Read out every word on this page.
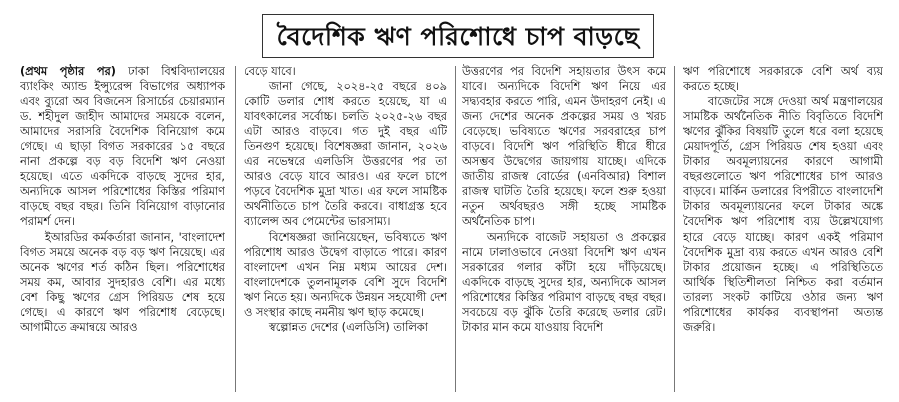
বৈদেশিক ঋণ পরিশোধে চাপ বাড়ছে

(প্রথম পৃষ্ঠার পর) ঢাকা বিশ্ববিদ্যালয়ের ব্যাংকিং অ্যান্ড ইন্স্যুরেন্স বিভাগের অধ্যাপক এবং ব্যুরো অব বিজনেস রিসার্চের চেয়ারম্যান ড. শহীদুল জাহীদ আমাদের সময়কে বলেন, আমাদের সরাসরি বৈদেশিক বিনিয়োগ কমে গেছে। এ ছাড়া বিগত সরকারের ১৫ বছরে নানা প্রকল্পে বড় বড় বিদেশি ঋণ নেওয়া হয়েছে। এতে একদিকে বাড়ছে সুদের হার, অন্যদিকে আসল পরিশোধের কিস্তির পরিমাণ বাড়ছে বছর বছর। তিনি বিনিয়োগ বাড়ানোর পরামর্শ দেন।

ইআরডির কর্মকর্তারা জানান, 'বাংলাদেশ বিগত সময়ে অনেক বড় বড় ঋণ নিয়েছে। এর অনেক ঋণের শর্ত কঠিন ছিল। পরিশোধের সময় কম, আবার সুদহারও বেশি। এর মধ্যে বেশ কিছু ঋণের গ্রেস পিরিয়ড শেষ হয়ে গেছে। এ কারণে ঋণ পরিশোধ বেড়েছে। আগামীতে ক্রমান্বয়ে আরও

বেড়ে যাবে।

জানা গেছে, ২০২৪-২৫ বছরে ৪০৯ কোটি ডলার শোধ করতে হয়েছে, যা এ যাবৎকালের সর্বোচ্চ। চলতি ২০২৫-২৬ বছর এটা আরও বাড়বে। গত দুই বছর এটি তিনগুণ হয়েছে। বিশেষজ্ঞরা জানান, ২০২৬ এর নভেম্বরে এলডিসি উত্তরণের পর তা আরও বেড়ে যাবে আরও। এর ফলে চাপে পড়বে বৈদেশিক মুদ্রা খাত। এর ফলে সামষ্টিক অর্থনীতিতে চাপ তৈরি করবে। বাধাগ্রস্ত হবে ব্যালেন্স অব পেমেন্টের ভারসাম্য।

বিশেষজ্ঞরা জানিয়েছেন, ভবিষ্যতে ঋণ পরিশোধ আরও উদ্বেগ বাড়াতে পারে। কারণ বাংলাদেশ এখন নিম্ন মধ্যম আয়ের দেশ। বাংলাদেশকে তুলনামূলক বেশি সুদে বিদেশি ঋণ নিতে হয়। অন্যদিকে উন্নয়ন সহযোগী দেশ ও সংস্থার কাছে নমনীয় ঋণ ছাড় কমেছে।

স্বল্পোন্নত দেশের (এলডিসি) তালিকা

উত্তরণের পর বিদেশি সহায়তার উৎস কমে যাবে। অন্যদিকে বিদেশি ঋণ নিয়ে এর সদ্ব্যবহার করতে পারি, এমন উদাহরণ নেই। এ জন্য দেশের অনেক প্রকল্পের সময় ও খরচ বেড়েছে। ভবিষ্যতে ঋণের সরবরাহের চাপ বাড়বে। বিদেশি ঋণ পরিস্থিতি ধীরে ধীরে অসম্ভব উদ্বেগের জায়গায় যাচ্ছে। এদিকে জাতীয় রাজস্ব বোর্ডের (এনবিআর) বিশাল রাজস্ব ঘাটতি তৈরি হয়েছে। ফলে শুরু হওয়া নতুন অর্থবছরও সঙ্গী হচ্ছে সামষ্টিক অর্থনৈতিক চাপ।

অন্যদিকে বাজেট সহায়তা ও প্রকল্পের নামে ঢালাওভাবে নেওয়া বিদেশি ঋণ এখন সরকারের গলার কাঁটা হয়ে দাঁড়িয়েছে। একদিকে বাড়ছে সুদের হার, অন্যদিকে আসল পরিশোধের কিস্তির পরিমাণ বাড়ছে বছর বছর। সবচেয়ে বড় ঝুঁকি তৈরি করেছে ডলার রেট। টাকার মান কমে যাওয়ায় বিদেশি

ঋণ পরিশোধে সরকারকে বেশি অর্থ ব্যয় করতে হচ্ছে।

বাজেটের সঙ্গে দেওয়া অর্থ মন্ত্রণালয়ের সামষ্টিক অর্থনৈতিক নীতি বিবৃতিতে বিদেশি ঋণের ঝুঁকির বিষয়টি তুলে ধরে বলা হয়েছে মেয়াদপূর্তি, গ্রেস পিরিয়ড শেষ হওয়া এবং টাকার অবমূল্যায়নের কারণে আগামী বছরগুলোতে ঋণ পরিশোধের চাপ আরও বাড়বে। মার্কিন ডলারের বিপরীতে বাংলাদেশি টাকার অবমূল্যায়নের ফলে টাকার অঙ্কে বৈদেশিক ঋণ পরিশোধ ব্যয় উল্লেখযোগ্য হারে বেড়ে যাচ্ছে। কারণ একই পরিমাণ বৈদেশিক মুদ্রা ব্যয় করতে এখন আরও বেশি টাকার প্রয়োজন হচ্ছে। এ পরিস্থিতিতে আর্থিক স্থিতিশীলতা নিশ্চিত করা বর্তমান তারল্য সংকট কাটিয়ে ওঠার জন্য ঋণ পরিশোধের কার্যকর ব্যবস্থাপনা অত্যন্ত জরুরি।
